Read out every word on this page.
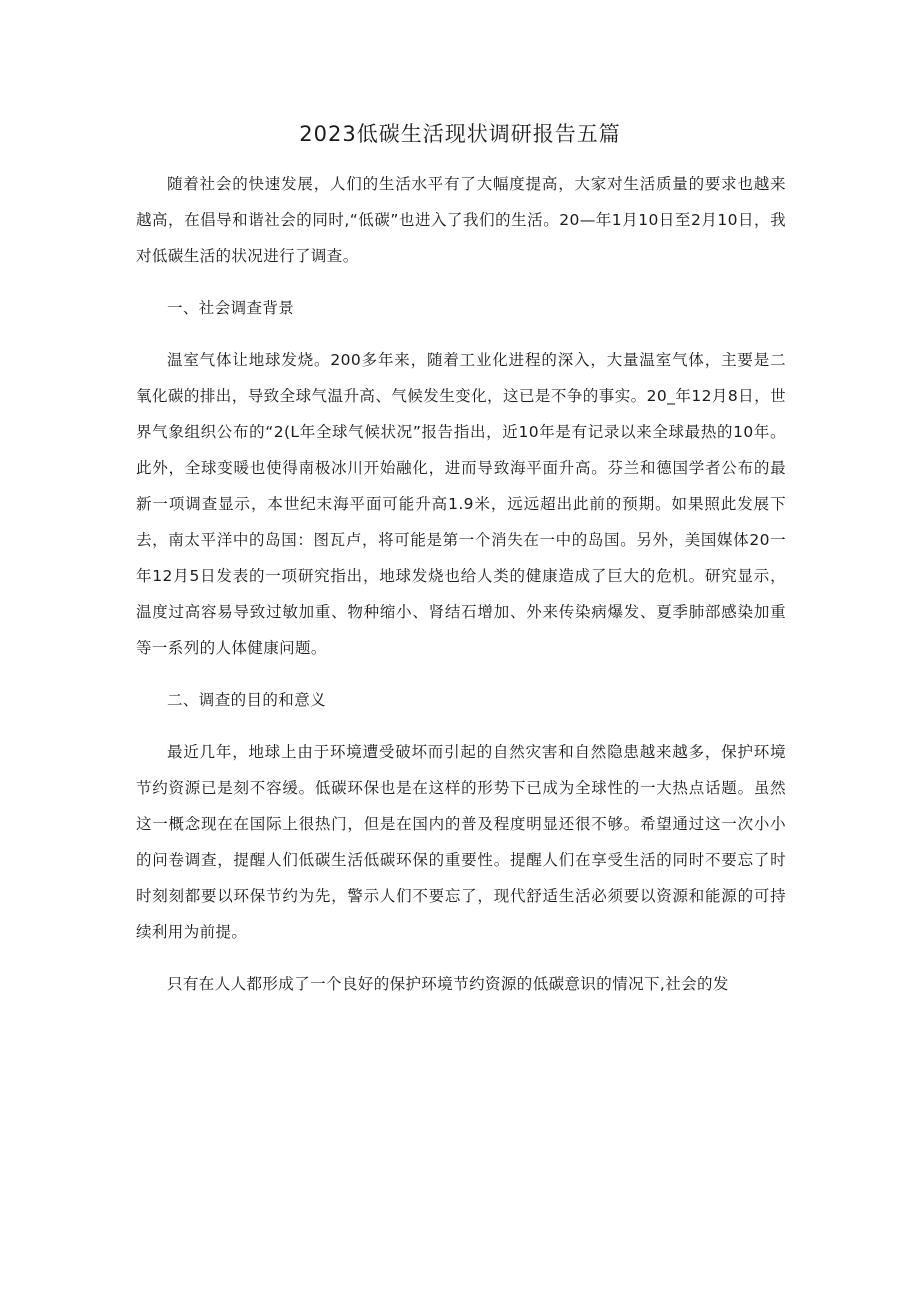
2023低碳生活现状调研报告五篇

随着社会的快速发展，人们的生活水平有了大幅度提高，大家对生活质量的要求也越来越高，在倡导和谐社会的同时,“低碳”也进入了我们的生活。20—年1月10日至2月10日，我对低碳生活的状况进行了调查。

一、社会调查背景

温室气体让地球发烧。200多年来，随着工业化进程的深入，大量温室气体，主要是二氧化碳的排出，导致全球气温升高、气候发生变化，这已是不争的事实。20_年12月8日，世界气象组织公布的“2(L年全球气候状况”报告指出，近10年是有记录以来全球最热的10年。此外，全球变暖也使得南极冰川开始融化，进而导致海平面升高。芬兰和德国学者公布的最新一项调查显示，本世纪末海平面可能升高1.9米，远远超出此前的预期。如果照此发展下去，南太平洋中的岛国：图瓦卢，将可能是第一个消失在一中的岛国。另外，美国媒体20一年12月5日发表的一项研究指出，地球发烧也给人类的健康造成了巨大的危机。研究显示，温度过高容易导致过敏加重、物种缩小、肾结石增加、外来传染病爆发、夏季肺部感染加重等一系列的人体健康问题。

二、调查的目的和意义

最近几年，地球上由于环境遭受破坏而引起的自然灾害和自然隐患越来越多，保护环境节约资源已是刻不容缓。低碳环保也是在这样的形势下已成为全球性的一大热点话题。虽然这一概念现在在国际上很热门，但是在国内的普及程度明显还很不够。希望通过这一次小小的问卷调查，提醒人们低碳生活低碳环保的重要性。提醒人们在享受生活的同时不要忘了时时刻刻都要以环保节约为先，警示人们不要忘了，现代舒适生活必须要以资源和能源的可持续利用为前提。

只有在人人都形成了一个良好的保护环境节约资源的低碳意识的情况下,社会的发
